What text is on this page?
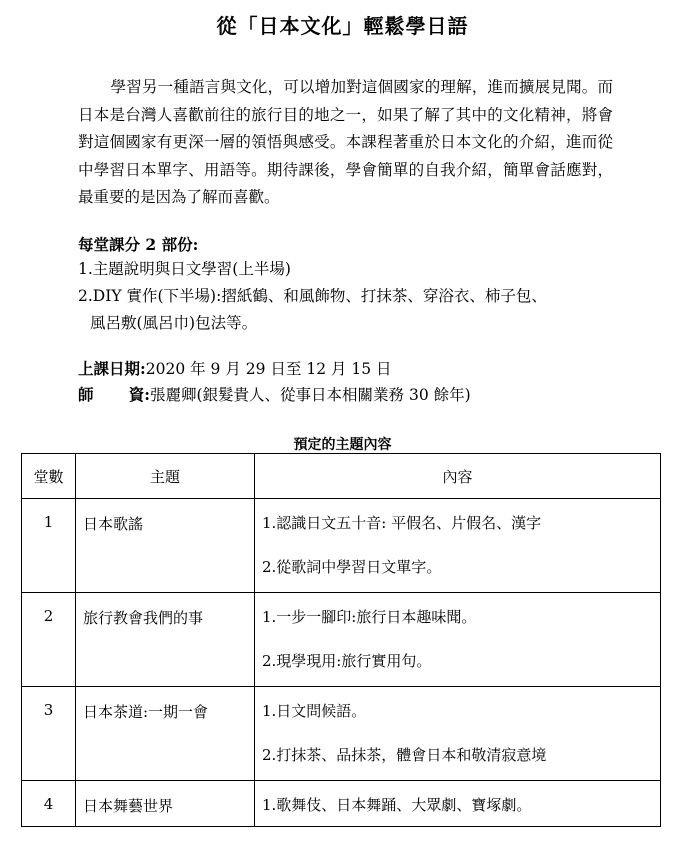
從「日本文化」輕鬆學日語

學習另一種語言與文化，可以增加對這個國家的理解，進而擴展見聞。而日本是台灣人喜歡前往的旅行目的地之一，如果了解了其中的文化精神，將會對這個國家有更深一層的領悟與感受。本課程著重於日本文化的介紹，進而從中學習日本單字、用語等。期待課後，學會簡單的自我介紹，簡單會話應對，最重要的是因為了解而喜歡。

每堂課分 2 部份:
1.主題說明與日文學習(上半場)
2.DIY 實作(下半場):摺紙鶴、和風飾物、打抹茶、穿浴衣、柿子包、
風呂敷(風呂巾)包法等。
上課日期:2020 年 9 月 29 日至 12 月 15 日
師 資: 張麗卿(銀髮貴人、從事日本相關業務 30 餘年)
預定的主題內容
堂數	主題	內容
1	日本歌謠	1.認識日文五十音: 平假名、片假名、漢字
2.從歌詞中學習日文單字。

2	旅行教會我們的事	1.一步一腳印:旅行日本趣味聞。
2.現學現用:旅行實用句。

3	日本茶道:一期一會	1.日文問候語。
2.打抹茶、品抹茶，體會日本和敬清寂意境

4	日本舞藝世界	1.歌舞伎、日本舞踊、大眾劇、寶塚劇。
